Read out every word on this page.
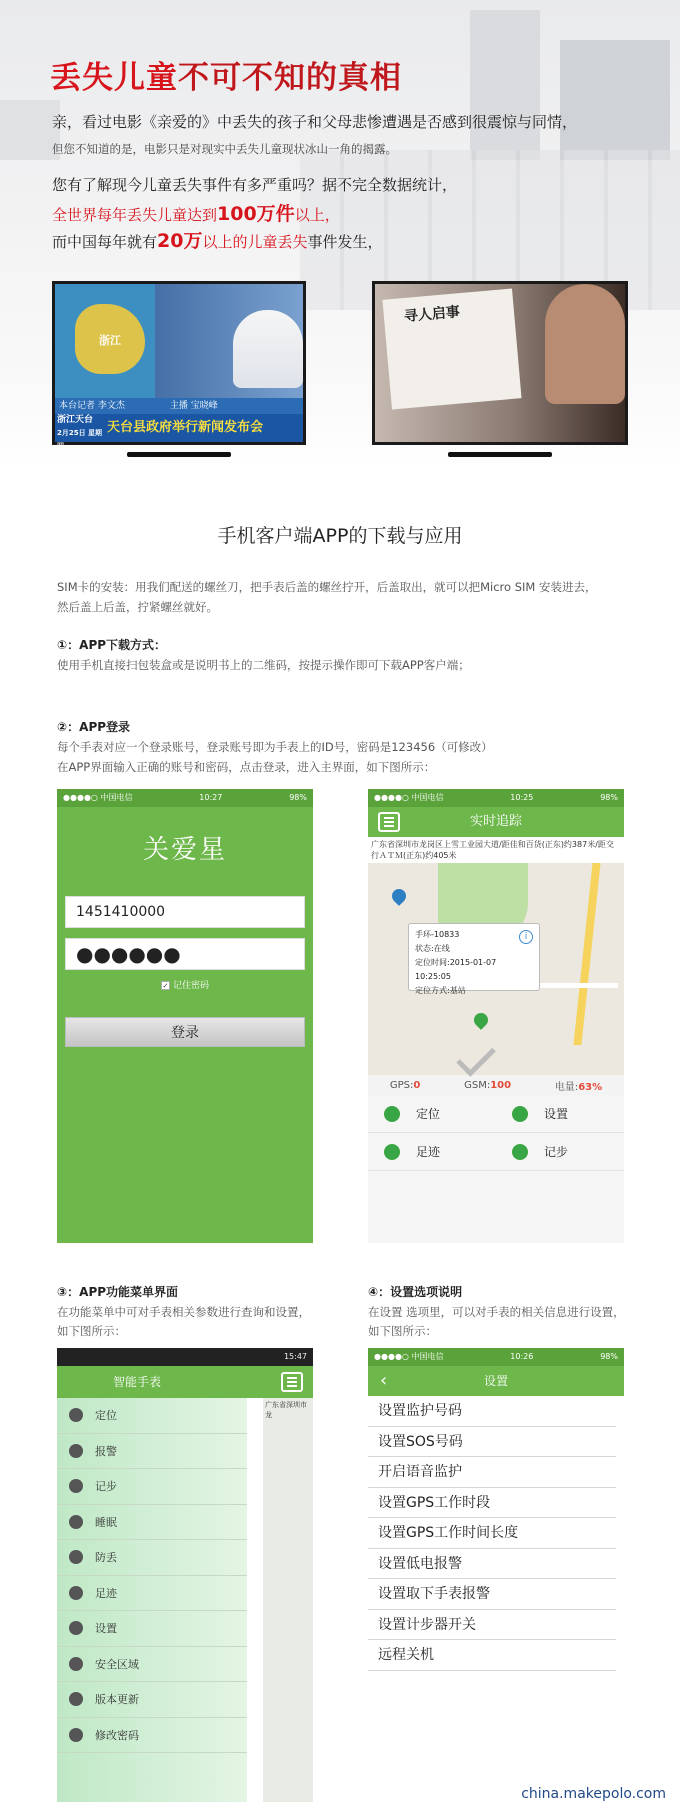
丢失儿童不可不知的真相
亲，看过电影《亲爱的》中丢失的孩子和父母悲惨遭遇是否感到很震惊与同情，
但您不知道的是，电影只是对现实中丢失儿童现状冰山一角的揭露。
您有了解现今儿童丢失事件有多严重吗？据不完全数据统计，
全世界每年丢失儿童达到100万件以上，
而中国每年就有20万以上的儿童丢失事件发生，
浙江
本台记者 李文杰　　　　　主播 宝晓峰
浙江天台
2月25日 星期四
天台县政府举行新闻发布会
寻人启事
手机客户端APP的下载与应用
SIM卡的安装：用我们配送的螺丝刀，把手表后盖的螺丝拧开，后盖取出，就可以把Micro SIM 安装进去，
然后盖上后盖，拧紧螺丝就好。
①：APP下载方式：
使用手机直接扫包装盒或是说明书上的二维码，按提示操作即可下载APP客户端；
②：APP登录
每个手表对应一个登录账号，登录账号即为手表上的ID号，密码是123456（可修改）
在APP界面输入正确的账号和密码，点击登录，进入主界面，如下图所示：
●●●●○ 中国电信	10:27	98%
关爱星
1451410000
●●●●●●
✓ 记住密码
登录
●●●●○ 中国电信	10:25	98%
实时追踪
广东省深圳市龙岗区上雪工业园大道/距佳和百货(正东)约387米/距交行ＡＴＭ(正东)约405米
手环-10833
状态:在线
定位时间:2015-01-07 10:25:05
定位方式:基站
i
GPS:0	GSM:100	电量:63%
定位	设置
足迹	记步
③：APP功能菜单界面
在功能菜单中可对手表相关参数进行查询和设置，
如下图所示：
④：设置选项说明
在设置 选项里，可以对手表的相关信息进行设置，
如下图所示：
15:47
智能手表
广东省深圳市龙
定位
报警
记步
睡眠
防丢
足迹
设置
安全区域
版本更新
修改密码
●●●●○ 中国电信	10:26	98%
‹	设置
设置监护号码
设置SOS号码
开启语音监护
设置GPS工作时段
设置GPS工作时间长度
设置低电报警
设置取下手表报警
设置计步器开关
远程关机
china.makepolo.com
